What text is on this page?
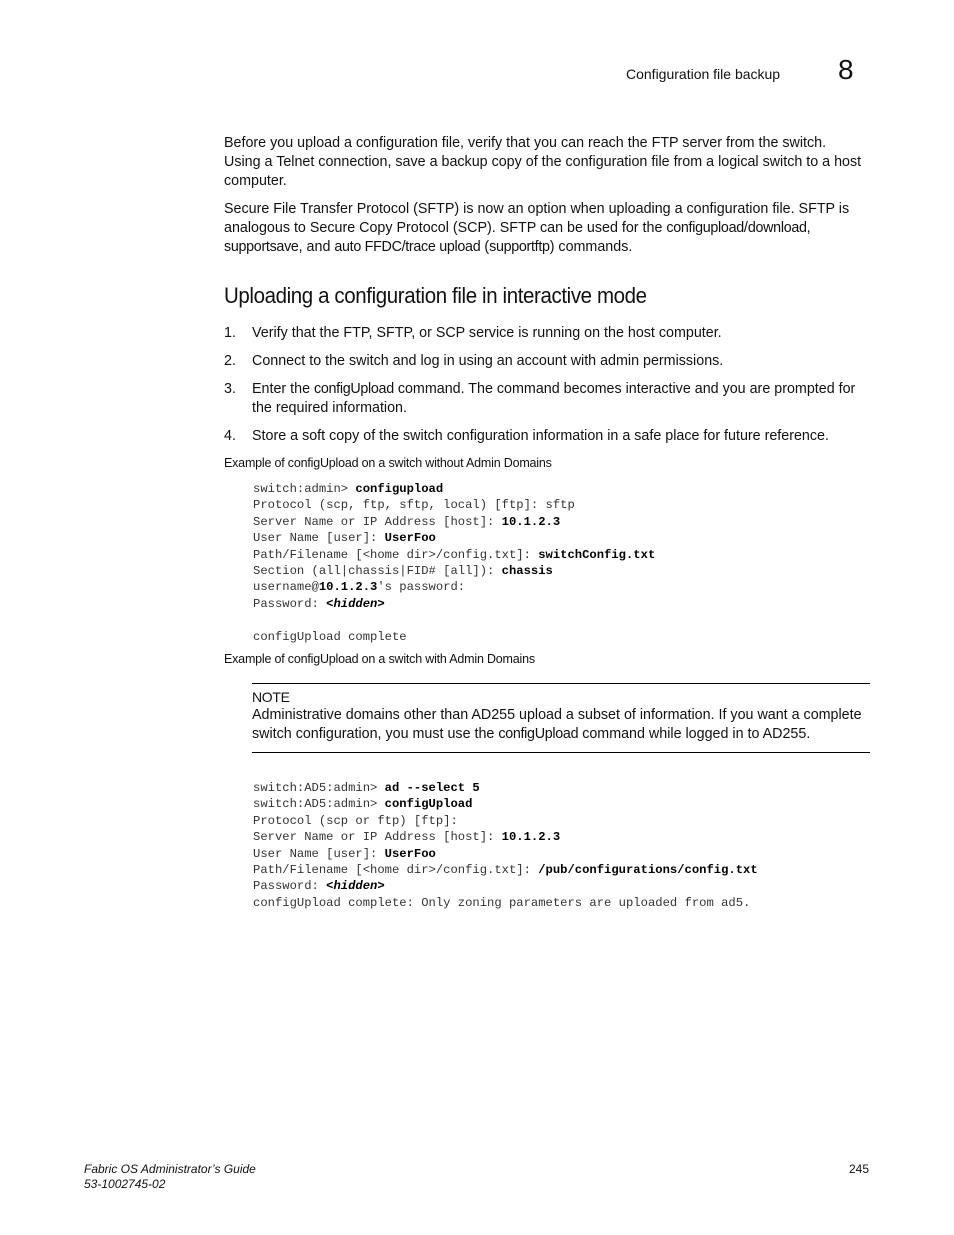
Configuration file backup 8

Before you upload a configuration file, verify that you can reach the FTP server from the switch. Using a Telnet connection, save a backup copy of the configuration file from a logical switch to a host computer.

Secure File Transfer Protocol (SFTP) is now an option when uploading a configuration file. SFTP is analogous to Secure Copy Protocol (SCP). SFTP can be used for the configupload/download, supportsave, and auto FFDC/trace upload (supportftp) commands.

Uploading a configuration file in interactive mode
1. Verify that the FTP, SFTP, or SCP service is running on the host computer.
2. Connect to the switch and log in using an account with admin permissions.
3. Enter the configUpload command. The command becomes interactive and you are prompted for the required information.
4. Store a soft copy of the switch configuration information in a safe place for future reference.
Example of configUpload on a switch without Admin Domains
switch:admin> configupload
Protocol (scp, ftp, sftp, local) [ftp]: sftp
Server Name or IP Address [host]: 10.1.2.3
User Name [user]: UserFoo
Path/Filename [<home dir>/config.txt]: switchConfig.txt
Section (all|chassis|FID# [all]): chassis
username@10.1.2.3's password:
Password: <hidden>

configUpload complete
Example of configUpload on a switch with Admin Domains
NOTE

Administrative domains other than AD255 upload a subset of information. If you want a complete switch configuration, you must use the configUpload command while logged in to AD255.

switch:AD5:admin> ad --select 5
switch:AD5:admin> configUpload
Protocol (scp or ftp) [ftp]:
Server Name or IP Address [host]: 10.1.2.3
User Name [user]: UserFoo
Path/Filename [<home dir>/config.txt]: /pub/configurations/config.txt
Password: <hidden>
configUpload complete: Only zoning parameters are uploaded from ad5.
Fabric OS Administrator’s Guide
53-1002745-02
245
